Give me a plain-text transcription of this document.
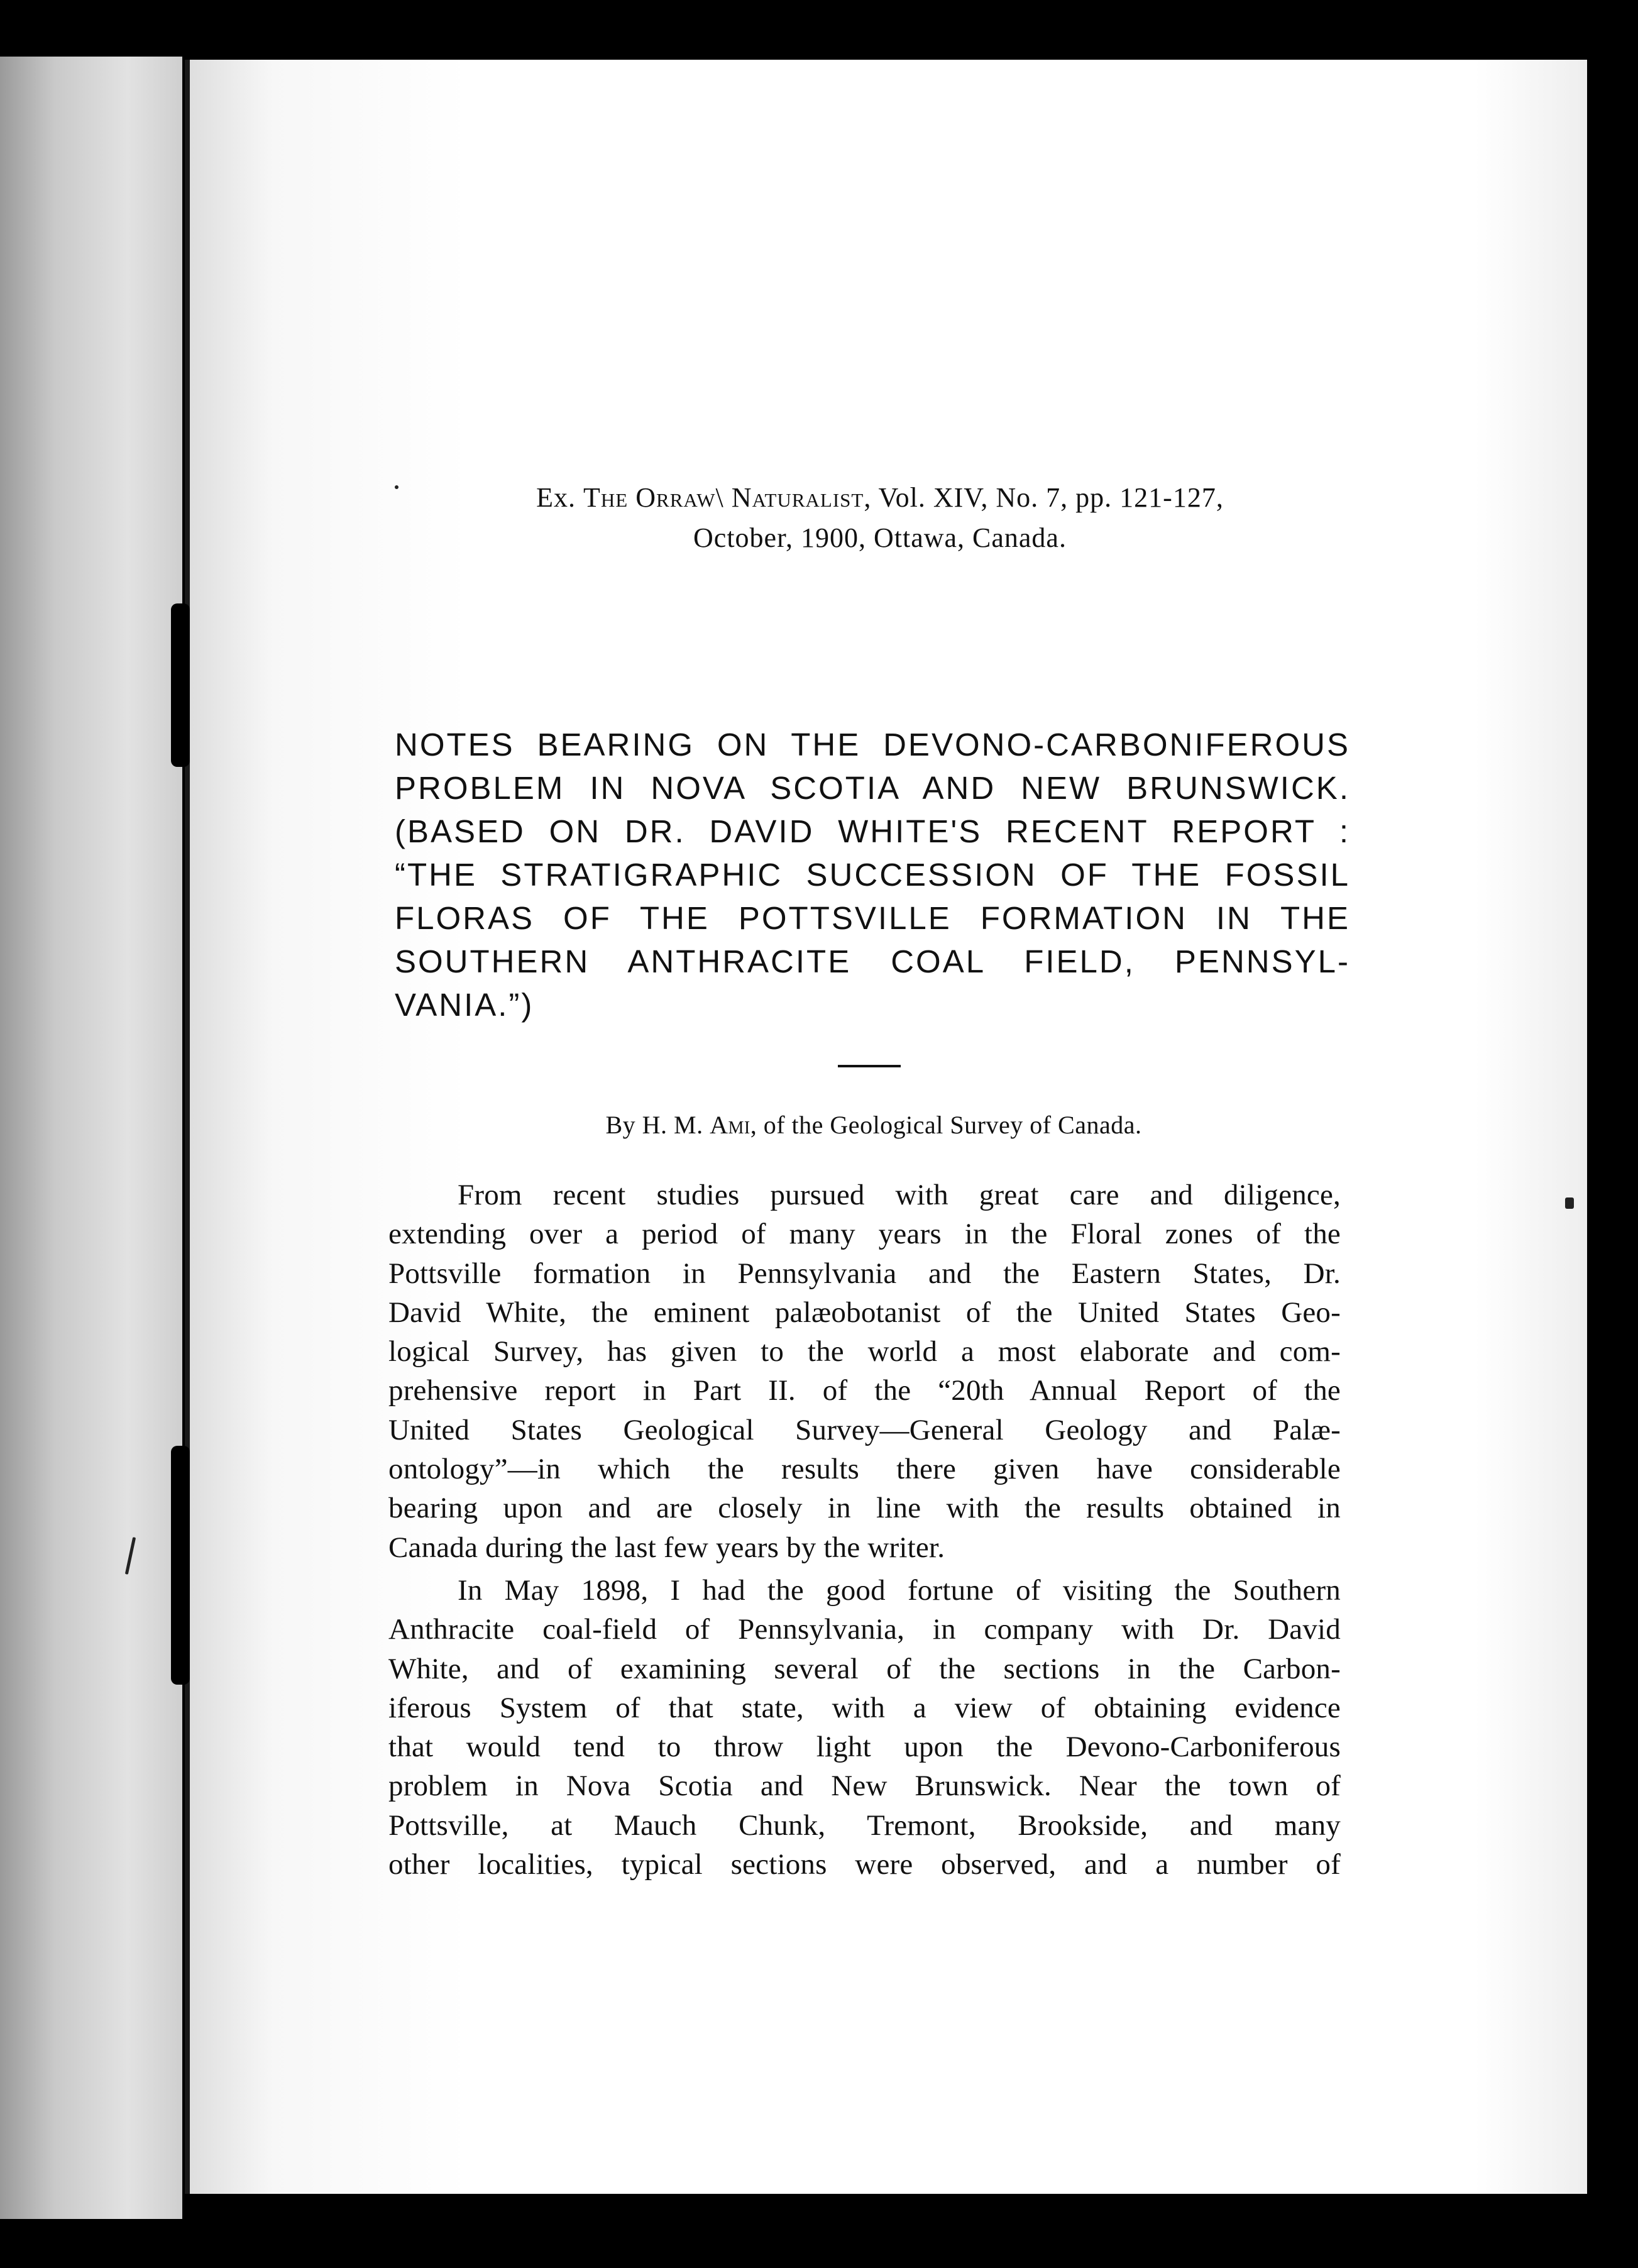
Ex. The Orraw\ Naturalist, Vol. XIV, No. 7, pp. 121-127,
October, 1900, Ottawa, Canada.
NOTES BEARING ON THE DEVONO-CARBONIFEROUS
PROBLEM IN NOVA SCOTIA AND NEW BRUNSWICK.
(BASED ON DR. DAVID WHITE'S RECENT REPORT :
“THE STRATIGRAPHIC SUCCESSION OF THE FOSSIL
FLORAS OF THE POTTSVILLE FORMATION IN THE
SOUTHERN ANTHRACITE COAL FIELD, PENNSYL-
VANIA.”)
By H. M. Ami, of the Geological Survey of Canada.
From recent studies pursued with great care and diligence,
extending over a period of many years in the Floral zones of the
Pottsville formation in Pennsylvania and the Eastern States, Dr.
David White, the eminent palæobotanist of the United States Geo-
logical Survey, has given to the world a most elaborate and com-
prehensive report in Part II. of the “20th Annual Report of the
United States Geological Survey—General Geology and Palæ-
ontology”—in which the results there given have considerable
bearing upon and are closely in line with the results obtained in
Canada during the last few years by the writer.
In May 1898, I had the good fortune of visiting the Southern
Anthracite coal-field of Pennsylvania, in company with Dr. David
White, and of examining several of the sections in the Carbon-
iferous System of that state, with a view of obtaining evidence
that would tend to throw light upon the Devono-Carboniferous
problem in Nova Scotia and New Brunswick. Near the town of
Pottsville, at Mauch Chunk, Tremont, Brookside, and many
other localities, typical sections were observed, and a number of
